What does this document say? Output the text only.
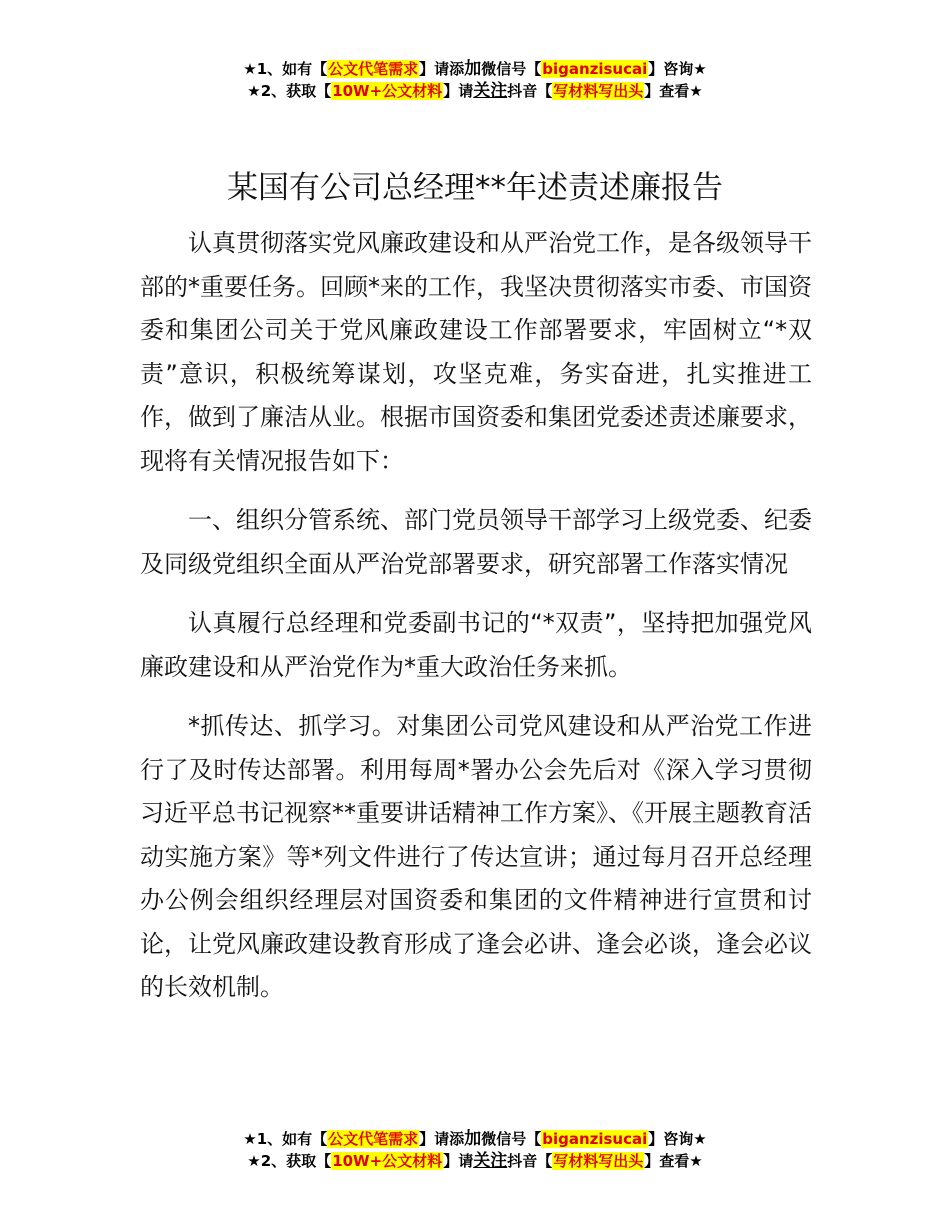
★1、如有【公文代笔需求】请添加微信号【biganzisucai】咨询★
★2、获取【10W+公文材料】请关注抖音【写材料写出头】查看★
某国有公司总经理**年述责述廉报告

认真贯彻落实党风廉政建设和从严治党工作，是各级领导干部的*重要任务。回顾*来的工作，我坚决贯彻落实市委、市国资委和集团公司关于党风廉政建设工作部署要求，牢固树立“*双责”意识，积极统筹谋划，攻坚克难，务实奋进，扎实推进工作，做到了廉洁从业。根据市国资委和集团党委述责述廉要求，现将有关情况报告如下：

一、组织分管系统、部门党员领导干部学习上级党委、纪委及同级党组织全面从严治党部署要求，研究部署工作落实情况

认真履行总经理和党委副书记的“*双责”，坚持把加强党风廉政建设和从严治党作为*重大政治任务来抓。

*抓传达、抓学习。对集团公司党风建设和从严治党工作进行了及时传达部署。利用每周*署办公会先后对《深入学习贯彻习近平总书记视察**重要讲话精神工作方案》、《开展主题教育活动实施方案》等*列文件进行了传达宣讲；通过每月召开总经理办公例会组织经理层对国资委和集团的文件精神进行宣贯和讨论，让党风廉政建设教育形成了逢会必讲、逢会必谈，逢会必议的长效机制。

★1、如有【公文代笔需求】请添加微信号【biganzisucai】咨询★
★2、获取【10W+公文材料】请关注抖音【写材料写出头】查看★
